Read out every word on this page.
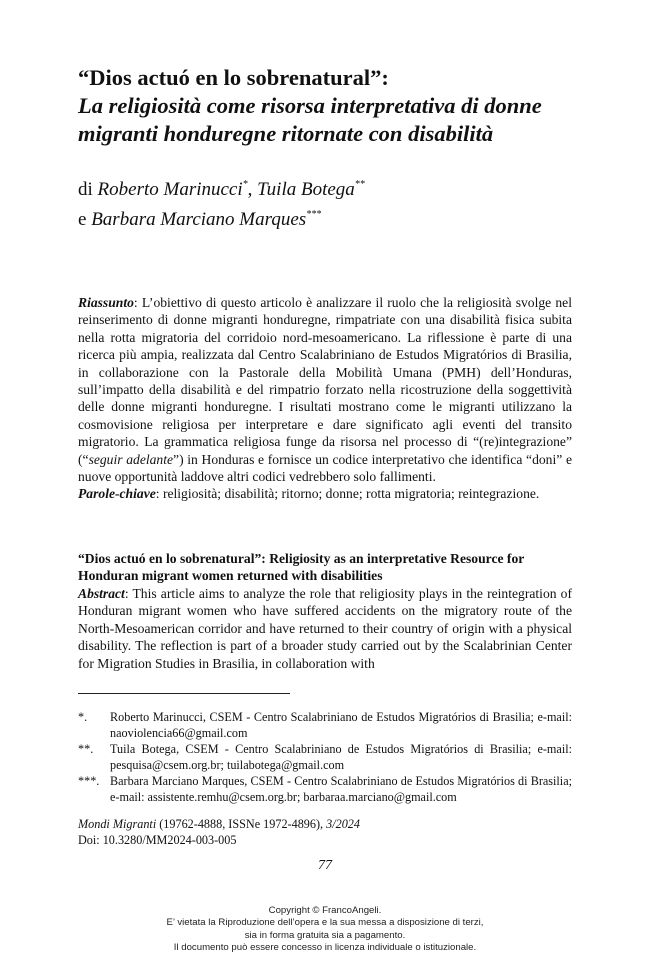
“Dios actuó en lo sobrenatural”:
La religiosità come risorsa interpretativa di donne migranti honduregne ritornate con disabilità
di Roberto Marinucci*, Tuila Botega**
e Barbara Marciano Marques***

Riassunto: L’obiettivo di questo articolo è analizzare il ruolo che la religiosità svolge nel reinserimento di donne migranti honduregne, rimpatriate con una disabilità fisica subita nella rotta migratoria del corridoio nord-mesoamericano. La riflessione è parte di una ricerca più ampia, realizzata dal Centro Scalabriniano de Estudos Migratórios di Brasilia, in collaborazione con la Pastorale della Mobilità Umana (PMH) dell’Honduras, sull’impatto della disabilità e del rimpatrio forzato nella ricostruzione della soggettività delle donne migranti honduregne. I risultati mostrano come le migranti utilizzano la cosmovisione religiosa per interpretare e dare significato agli eventi del transito migratorio. La grammatica religiosa funge da risorsa nel processo di “(re)integrazione” (“seguir adelante”) in Honduras e fornisce un codice interpretativo che identifica “doni” e nuove opportunità laddove altri codici vedrebbero solo fallimenti.

Parole-chiave: religiosità; disabilità; ritorno; donne; rotta migratoria; reintegrazione.

“Dios actuó en lo sobrenatural”: Religiosity as an interpretative Resource for Honduran migrant women returned with disabilities
Abstract: This article aims to analyze the role that religiosity plays in the reintegration of Honduran migrant women who have suffered accidents on the migratory route of the North-Mesoamerican corridor and have returned to their country of origin with a physical disability. The reflection is part of a broader study carried out by the Scalabrinian Center for Migration Studies in Brasilia, in collaboration with
*.	Roberto Marinucci, CSEM - Centro Scalabriniano de Estudos Migratórios di Brasilia; e-mail: naoviolencia66@gmail.com
**.	Tuila Botega, CSEM - Centro Scalabriniano de Estudos Migratórios di Brasilia; e-mail: pesquisa@csem.org.br; tuilabotega@gmail.com
***. Barbara Marciano Marques, CSEM - Centro Scalabriniano de Estudos Migratórios di Brasilia; e-mail: assistente.remhu@csem.org.br; barbaraa.marciano@gmail.com
Mondi Migranti (19762-4888, ISSNe 1972-4896), 3/2024
Doi: 10.3280/MM2024-003-005
77
Copyright © FrancoAngeli.
E’ vietata la Riproduzione dell’opera e la sua messa a disposizione di terzi,
sia in forma gratuita sia a pagamento.
Il documento può essere concesso in licenza individuale o istituzionale.
